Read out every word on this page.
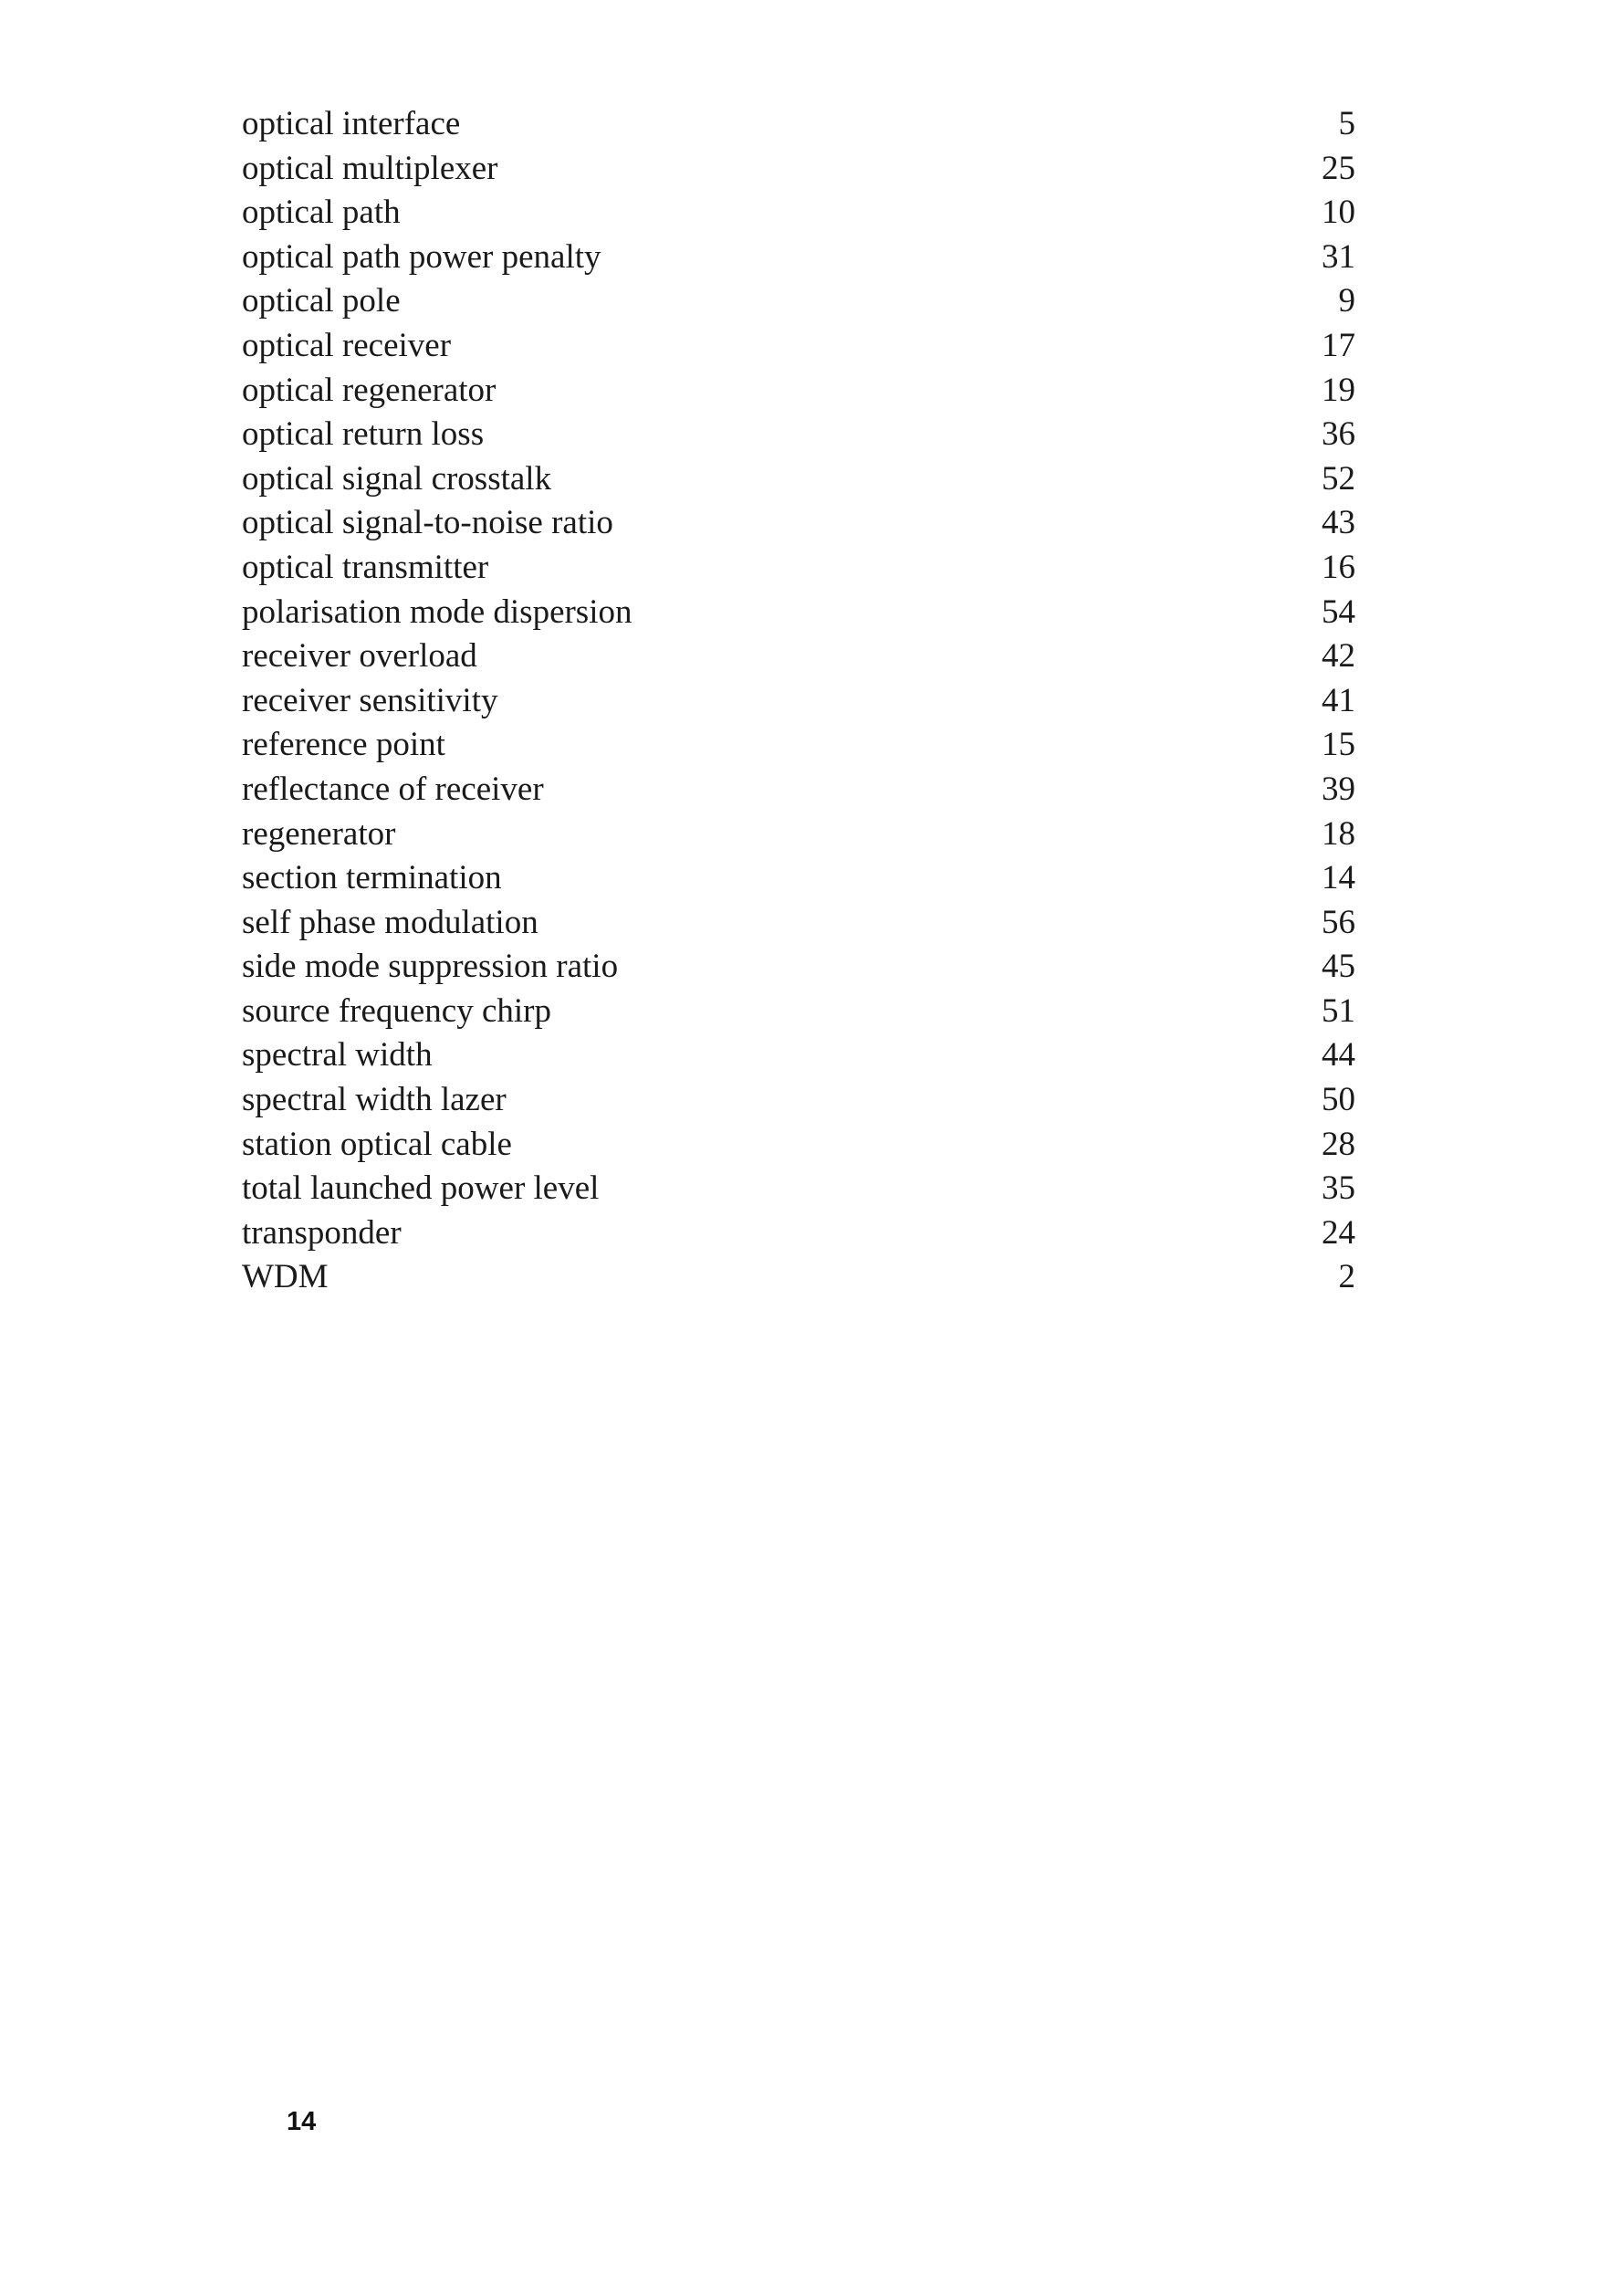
optical interface	5
optical multiplexer	25
optical path	10
optical path power penalty	31
optical pole	9
optical receiver	17
optical regenerator	19
optical return loss	36
optical signal crosstalk	52
optical signal-to-noise ratio	43
optical transmitter	16
polarisation mode dispersion	54
receiver overload	42
receiver sensitivity	41
reference point	15
reflectance of receiver	39
regenerator	18
section termination	14
self phase modulation	56
side mode suppression ratio	45
source frequency chirp	51
spectral width	44
spectral width lazer	50
station optical cable	28
total launched power level	35
transponder	24
WDM	2
14
